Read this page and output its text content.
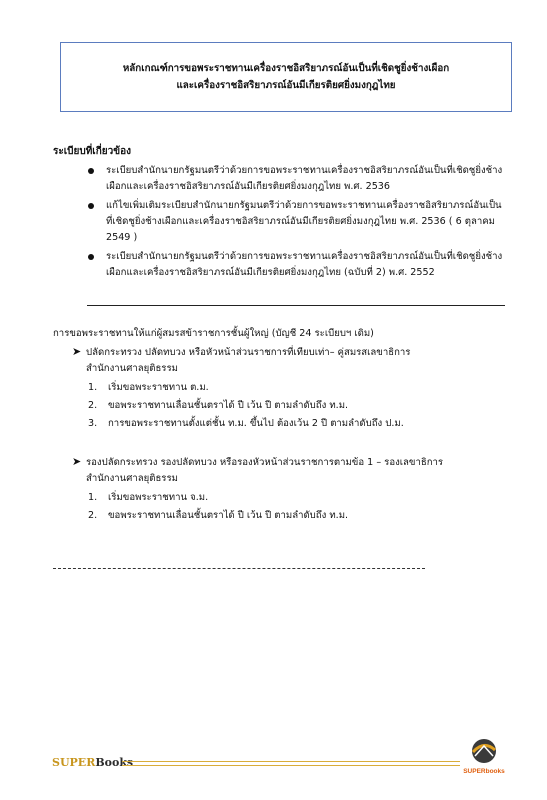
หลักเกณฑ์การขอพระราชทานเครื่องราชอิสริยาภรณ์อันเป็นที่เชิดชูยิ่งช้างเผือก
และเครื่องราชอิสริยาภรณ์อันมีเกียรติยศยิ่งมงกุฎไทย
ระเบียบที่เกี่ยวข้อง
ระเบียบสำนักนายกรัฐมนตรีว่าด้วยการขอพระราชทานเครื่องราชอิสริยาภรณ์อันเป็นที่เชิดชูยิ่งช้างเผือกและเครื่องราชอิสริยาภรณ์อันมีเกียรติยศยิ่งมงกุฎไทย พ.ศ. 2536
แก้ไขเพิ่มเติมระเบียบสำนักนายกรัฐมนตรีว่าด้วยการขอพระราชทานเครื่องราชอิสริยาภรณ์อันเป็นที่เชิดชูยิ่งช้างเผือกและเครื่องราชอิสริยาภรณ์อันมีเกียรติยศยิ่งมงกุฎไทย พ.ศ. 2536 ( 6 ตุลาคม 2549 )
ระเบียบสำนักนายกรัฐมนตรีว่าด้วยการขอพระราชทานเครื่องราชอิสริยาภรณ์อันเป็นที่เชิดชูยิ่งช้างเผือกและเครื่องราชอิสริยาภรณ์อันมีเกียรติยศยิ่งมงกุฎไทย (ฉบับที่ 2) พ.ศ. 2552
การขอพระราชทานให้แก่ผู้สมรสข้าราชการชั้นผู้ใหญ่ (บัญชี 24 ระเบียบฯ เดิม)
➤ ปลัดกระทรวง ปลัดทบวง หรือหัวหน้าส่วนราชการที่เทียบเท่า– คู่สมรสเลขาธิการ
สำนักงานศาลยุติธรรม
1. เริ่มขอพระราชทาน ต.ม.
2. ขอพระราชทานเลื่อนชั้นตราได้ ปี เว้น ปี ตามลำดับถึง ท.ม.
3. การขอพระราชทานตั้งแต่ชั้น ท.ม. ขึ้นไป ต้องเว้น 2 ปี ตามลำดับถึง ป.ม.
➤ รองปลัดกระทรวง รองปลัดทบวง หรือรองหัวหน้าส่วนราชการตามข้อ 1 – รองเลขาธิการ
สำนักงานศาลยุติธรรม
1. เริ่มขอพระราชทาน จ.ม.
2. ขอพระราชทานเลื่อนชั้นตราได้ ปี เว้น ปี ตามลำดับถึง ท.ม.
SUPERBooks
SUPERbooks
